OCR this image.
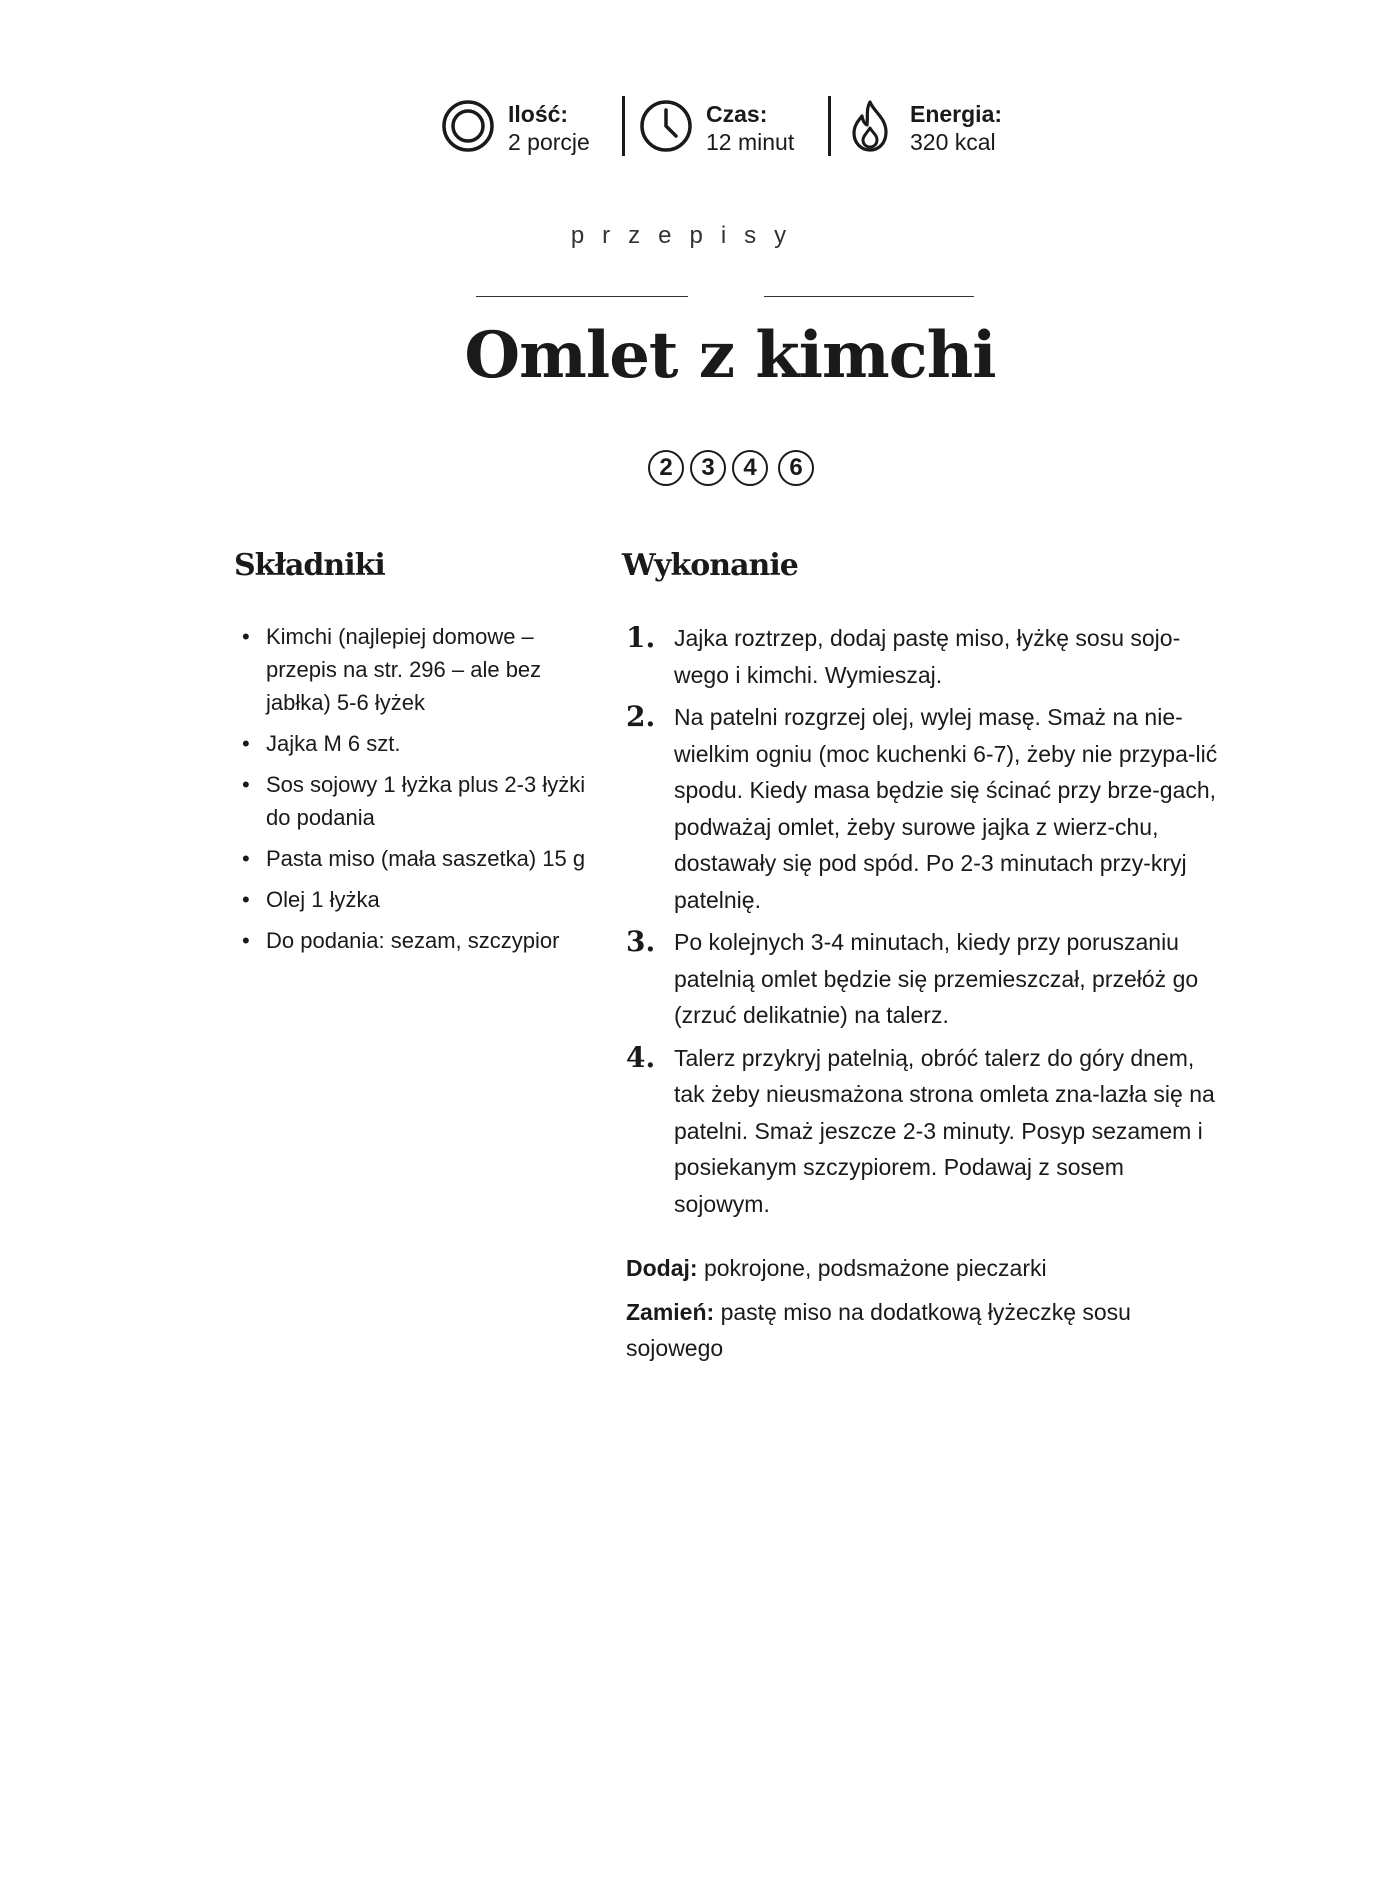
Ilość:
2 porcje
Czas:
12 minut
Energia:
320 kcal
przepisy
Omlet z kimchi
2	3	4	6
Składniki
• Kimchi (najlepiej domowe – przepis na str. 296 – ale bez jabłka) 5-6 łyżek
• Jajka M 6 szt.
• Sos sojowy 1 łyżka plus 2-3 łyżki do podania
• Pasta miso (mała saszetka) 15 g
• Olej 1 łyżka
• Do podania: sezam, szczypior
Wykonanie
1. Jajka roztrzep, dodaj pastę miso, łyżkę sosu sojo-wego i kimchi. Wymieszaj.
2. Na patelni rozgrzej olej, wylej masę. Smaż na nie-wielkim ogniu (moc kuchenki 6-7), żeby nie przypa-lić spodu. Kiedy masa będzie się ścinać przy brze-gach, podważaj omlet, żeby surowe jajka z wierz-chu, dostawały się pod spód. Po 2-3 minutach przy-kryj patelnię.
3. Po kolejnych 3-4 minutach, kiedy przy poruszaniu patelnią omlet będzie się przemieszczał, przełóż go (zrzuć delikatnie) na talerz.
4. Talerz przykryj patelnią, obróć talerz do góry dnem, tak żeby nieusmażona strona omleta zna-lazła się na patelni. Smaż jeszcze 2-3 minuty. Posyp sezamem i posiekanym szczypiorem. Podawaj z sosem sojowym.

Dodaj: pokrojone, podsmażone pieczarki

Zamień: pastę miso na dodatkową łyżeczkę sosu sojowego
